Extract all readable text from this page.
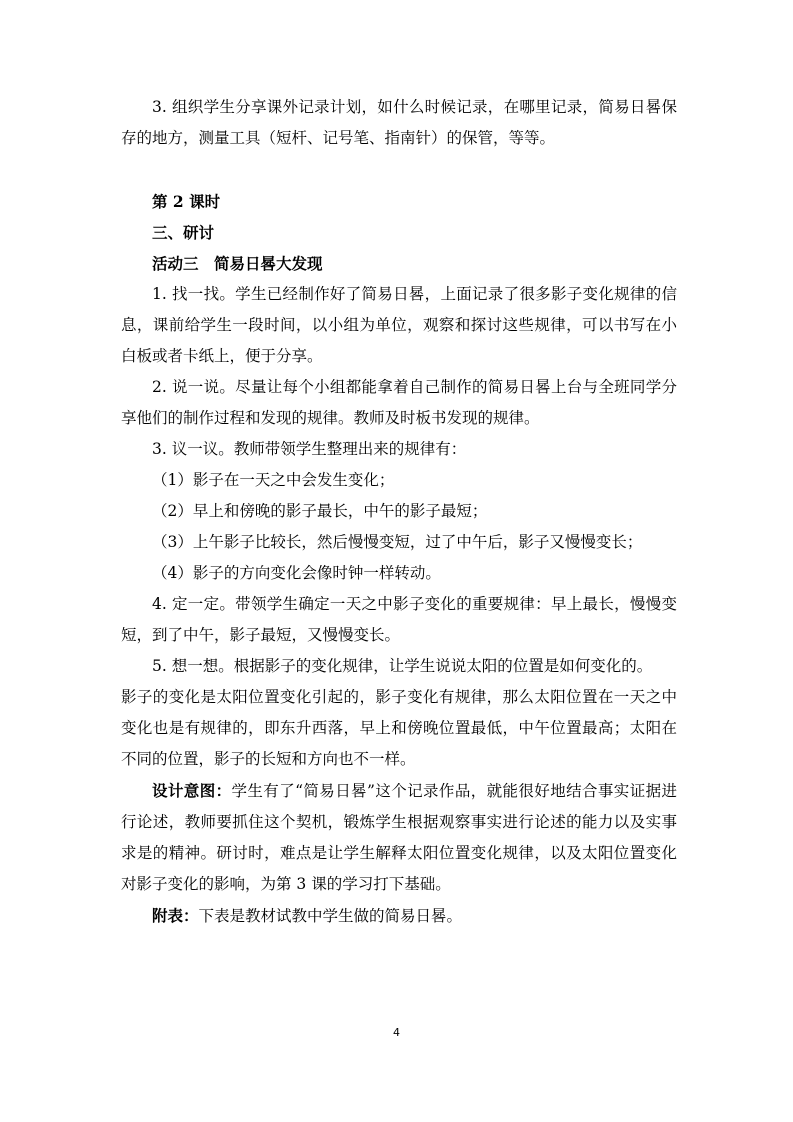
3. 组织学生分享课外记录计划，如什么时候记录，在哪里记录，简易日晷保存的地方，测量工具（短杆、记号笔、指南针）的保管，等等。

第 2 课时

三、研讨

活动三　简易日晷大发现

1. 找一找。学生已经制作好了简易日晷，上面记录了很多影子变化规律的信息，课前给学生一段时间，以小组为单位，观察和探讨这些规律，可以书写在小白板或者卡纸上，便于分享。

2. 说一说。尽量让每个小组都能拿着自己制作的简易日晷上台与全班同学分享他们的制作过程和发现的规律。教师及时板书发现的规律。

3. 议一议。教师带领学生整理出来的规律有：

（1）影子在一天之中会发生变化；

（2）早上和傍晚的影子最长，中午的影子最短；

（3）上午影子比较长，然后慢慢变短，过了中午后，影子又慢慢变长；

（4）影子的方向变化会像时钟一样转动。

4. 定一定。带领学生确定一天之中影子变化的重要规律：早上最长，慢慢变短，到了中午，影子最短，又慢慢变长。

5. 想一想。根据影子的变化规律，让学生说说太阳的位置是如何变化的。

影子的变化是太阳位置变化引起的，影子变化有规律，那么太阳位置在一天之中变化也是有规律的，即东升西落，早上和傍晚位置最低，中午位置最高；太阳在不同的位置，影子的长短和方向也不一样。

设计意图：学生有了“简易日晷”这个记录作品，就能很好地结合事实证据进行论述，教师要抓住这个契机，锻炼学生根据观察事实进行论述的能力以及实事求是的精神。研讨时，难点是让学生解释太阳位置变化规律，以及太阳位置变化对影子变化的影响，为第 3 课的学习打下基础。

附表：下表是教材试教中学生做的简易日晷。

4
